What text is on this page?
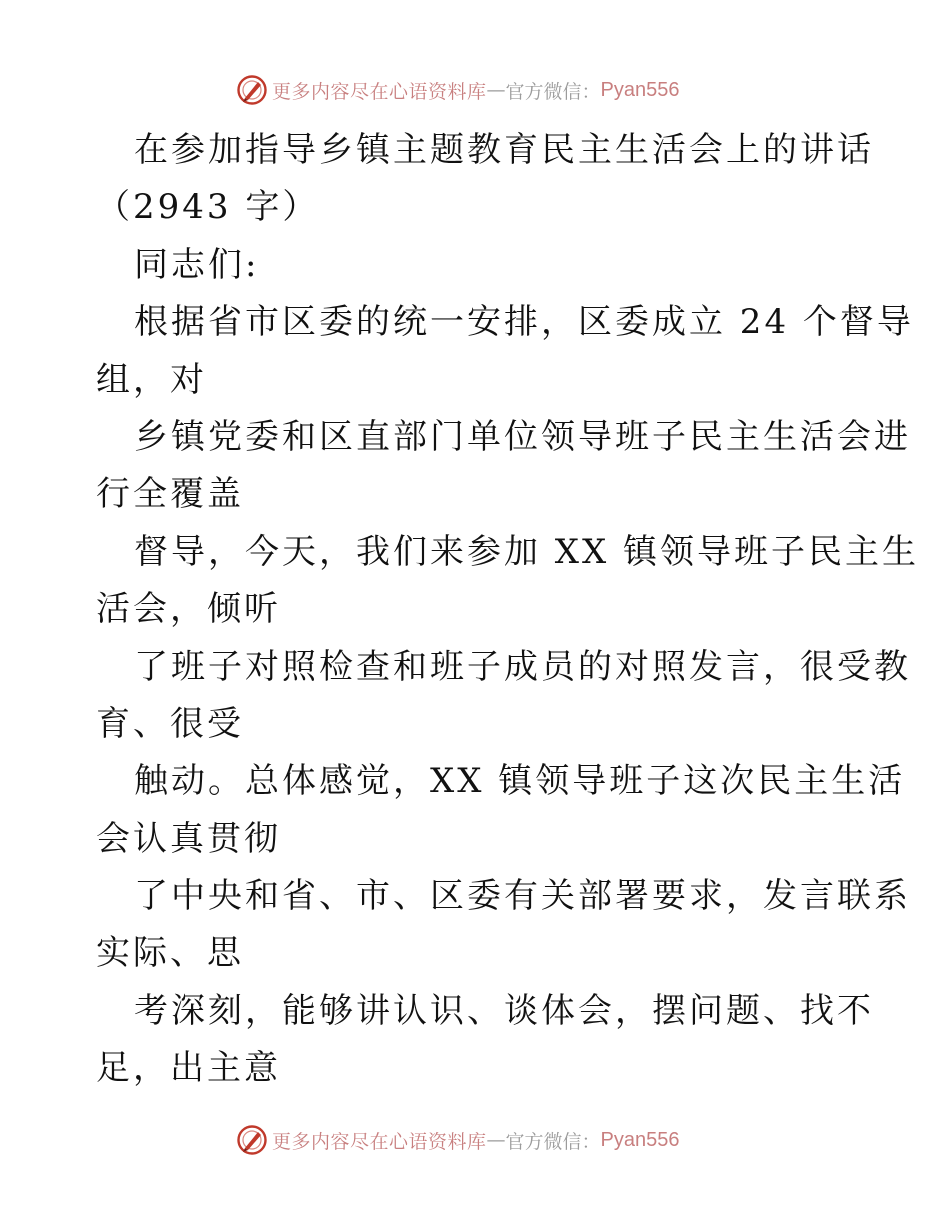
更多内容尽在心语资料库 — 官方微信： Pyan556
在参加指导乡镇主题教育民主生活会上的讲话
（2943 字）
同志们:
根据省市区委的统一安排，区委成立 24 个督导
组，对
乡镇党委和区直部门单位领导班子民主生活会进
行全覆盖
督导，今天，我们来参加 XX 镇领导班子民主生
活会，倾听
了班子对照检查和班子成员的对照发言，很受教
育、很受
触动。总体感觉，XX 镇领导班子这次民主生活
会认真贯彻
了中央和省、市、区委有关部署要求，发言联系
实际、思
考深刻，能够讲认识、谈体会，摆问题、找不
足，出主意
更多内容尽在心语资料库 — 官方微信： Pyan556
